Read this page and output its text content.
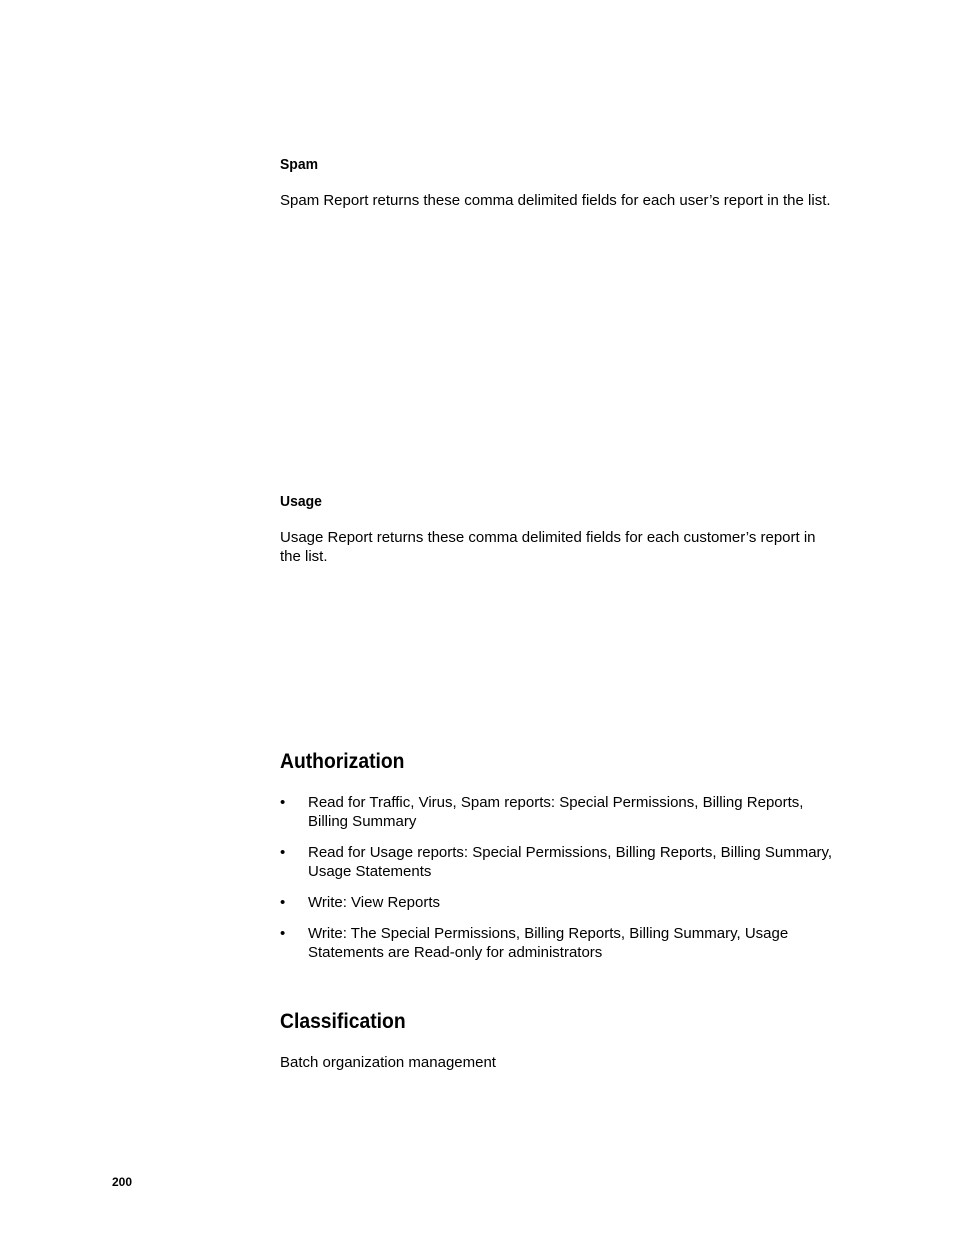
Spam

Spam Report returns these comma delimited fields for each user’s report in the list.

Usage

Usage Report returns these comma delimited fields for each customer’s report in the list.

Authorization
•	Read for Traffic, Virus, Spam reports: Special Permissions, Billing Reports, Billing Summary
•	Read for Usage reports: Special Permissions, Billing Reports, Billing Summary, Usage Statements
•	Write: View Reports
•	Write: The Special Permissions, Billing Reports, Billing Summary, Usage Statements are Read-only for administrators
Classification

Batch organization management

200
